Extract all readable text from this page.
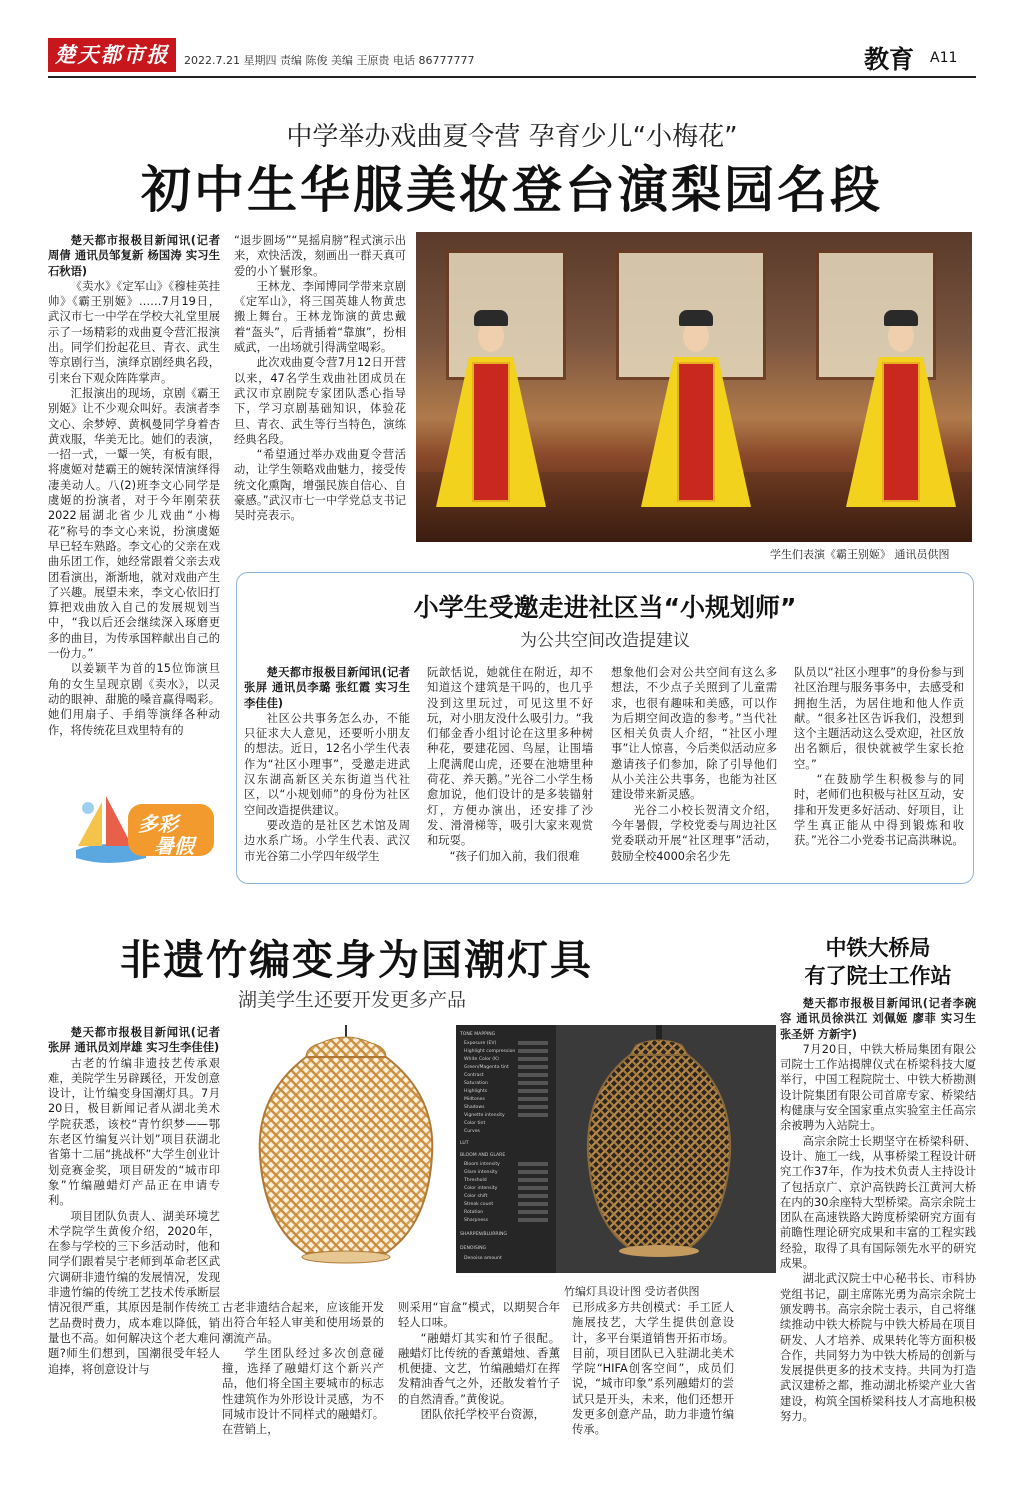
楚天都市报	2022.7.21 星期四 责编 陈俊 美编 王原贵 电话 86777777	教育 A11
中学举办戏曲夏令营 孕育少儿“小梅花”
初中生华服美妆登台演梨园名段

楚天都市报极目新闻讯(记者周倩 通讯员邹复新 杨国涛 实习生石秋语)

《卖水》《定军山》《穆桂英挂帅》《霸王别姬》……7月19日，武汉市七一中学在学校大礼堂里展示了一场精彩的戏曲夏令营汇报演出。同学们扮起花旦、青衣、武生等京剧行当，演绎京剧经典名段，引来台下观众阵阵掌声。

汇报演出的现场，京剧《霸王别姬》让不少观众叫好。表演者李文心、余梦婷、黄枫曼同学身着杏黄戏服，华美无比。她们的表演，一招一式，一颦一笑，有板有眼，将虞姬对楚霸王的婉转深情演绎得凄美动人。八(2)班李文心同学是虞姬的扮演者，对于今年刚荣获2022届湖北省少儿戏曲“小梅花”称号的李文心来说，扮演虞姬早已轻车熟路。李文心的父亲在戏曲乐团工作，她经常跟着父亲去戏团看演出，渐渐地，就对戏曲产生了兴趣。展望未来，李文心依旧打算把戏曲放入自己的发展规划当中，“我以后还会继续深入琢磨更多的曲目，为传承国粹献出自己的一份力。”

以姜颖芊为首的15位饰演旦角的女生呈现京剧《卖水》，以灵动的眼神、甜脆的嗓音赢得喝彩。她们用扇子、手绢等演绎各种动作，将传统花旦戏里特有的

“退步圆场”“晃摇肩膀”程式演示出来，欢快活泼，刻画出一群天真可爱的小丫鬟形象。

王林龙、李闻博同学带来京剧《定军山》，将三国英雄人物黄忠搬上舞台。王林龙饰演的黄忠戴着“盔头”，后背插着“靠旗”，扮相威武，一出场就引得满堂喝彩。

此次戏曲夏令营7月12日开营以来，47名学生戏曲社团成员在武汉市京剧院专家团队悉心指导下，学习京剧基础知识，体验花旦、青衣、武生等行当特色，演练经典名段。

“希望通过举办戏曲夏令营活动，让学生领略戏曲魅力，接受传统文化熏陶，增强民族自信心、自豪感。”武汉市七一中学党总支书记吴时亮表示。

学生们表演《霸王别姬》 通讯员供图
小学生受邀走进社区当“小规划师”
为公共空间改造提建议

楚天都市报极目新闻讯(记者张屏 通讯员李璐 张红霞 实习生李佳佳)

社区公共事务怎么办，不能只征求大人意见，还要听小朋友的想法。近日，12名小学生代表作为“社区小理事”，受邀走进武汉东湖高新区关东街道当代社区，以“小规划师”的身份为社区空间改造提供建议。

要改造的是社区艺术馆及周边水系广场。小学生代表、武汉市光谷第二小学四年级学生

阮歆恬说，她就住在附近，却不知道这个建筑是干吗的，也几乎没到这里玩过，可见这里不好玩，对小朋友没什么吸引力。“我们郁金香小组讨论在这里多种树种花，要建花园、鸟屋，让围墙上爬满爬山虎，还要在池塘里种荷花、养天鹅。”光谷二小学生杨愈加说，他们设计的是多装锚射灯，方便办演出，还安排了沙发、滑滑梯等，吸引大家来观赏和玩耍。

“孩子们加入前，我们很难

想象他们会对公共空间有这么多想法，不少点子关照到了儿童需求，也很有趣味和美感，可以作为后期空间改造的参考。”当代社区相关负责人介绍，“社区小理事”让人惊喜，今后类似活动应多邀请孩子们参加，除了引导他们从小关注公共事务，也能为社区建设带来新灵感。

光谷二小校长贺清文介绍，今年暑假，学校党委与周边社区党委联动开展“社区理事”活动，鼓励全校4000余名少先

队员以“社区小理事”的身份参与到社区治理与服务事务中，去感受和拥抱生活，为居住地和他人作贡献。“很多社区告诉我们，没想到这个主题活动这么受欢迎，社区放出名额后，很快就被学生家长抢空。”

“在鼓励学生积极参与的同时，老师们也积极与社区互动，安排和开发更多好活动、好项目，让学生真正能从中得到锻炼和收获。”光谷二小党委书记高洪琳说。

多彩
暑假
非遗竹编变身为国潮灯具
湖美学生还要开发更多产品

楚天都市报极目新闻讯(记者张屏 通讯员刘岸雄 实习生李佳佳)

古老的竹编非遗技艺传承艰难，美院学生另辟蹊径，开发创意设计，让竹编变身国潮灯具。7月20日，极目新闻记者从湖北美术学院获悉，该校“青竹织梦——鄂东老区竹编复兴计划”项目获湖北省第十二届“挑战杯”大学生创业计划竞赛金奖，项目研发的“城市印象”竹编融蜡灯产品正在申请专利。

项目团队负责人、湖美环境艺术学院学生黄俊介绍，2020年，在参与学校的三下乡活动时，他和同学们跟着吴宁老师到革命老区武穴调研非遗竹编的发展情况，发现非遗竹编的传统工艺技术传承断层情况很严重，其原因是制作传统工艺品费时费力，成本难以降低，销量也不高。如何解决这个老大难问题?师生们想到，国潮很受年轻人追捧，将创意设计与

TONE MAPPING
Exposure (EV)
Highlight compression
White Color (K)
Green/Magenta tint
Contrast
Saturation
Highlights
Midtones
Shadows
Vignette intensity
Color tint
Curves
LUT
BLOOM AND GLARE
Bloom intensity
Glare intensity
Threshold
Color intensity
Color shift
Streak count
Rotation
Sharpness
SHARPEN/BLURRING
DENOISING
Denoise amount
竹编灯具设计图 受访者供图

古老非遗结合起来，应该能开发出符合年轻人审美和使用场景的潮流产品。

学生团队经过多次创意碰撞，选择了融蜡灯这个新兴产品，他们将全国主要城市的标志性建筑作为外形设计灵感，为不同城市设计不同样式的融蜡灯。在营销上，

则采用“盲盒”模式，以期契合年轻人口味。

“融蜡灯其实和竹子很配。融蜡灯比传统的香薰蜡烛、香薰机便捷、文艺，竹编融蜡灯在挥发精油香气之外，还散发着竹子的自然清香。”黄俊说。

团队依托学校平台资源，

已形成多方共创模式：手工匠人施展技艺，大学生提供创意设计，多平台渠道销售开拓市场。目前，项目团队已入驻湖北美术学院“HIFA创客空间”，成员们说，“城市印象”系列融蜡灯的尝试只是开头，未来，他们还想开发更多创意产品，助力非遗竹编传承。

中铁大桥局
有了院士工作站

楚天都市报极目新闻讯(记者李碗容 通讯员徐洪江 刘佩姬 廖菲 实习生张圣妍 方新宇)

7月20日，中铁大桥局集团有限公司院士工作站揭牌仪式在桥梁科技大厦举行，中国工程院院士、中铁大桥勘测设计院集团有限公司首席专家、桥梁结构健康与安全国家重点实验室主任高宗余被聘为入站院士。

高宗余院士长期坚守在桥梁科研、设计、施工一线，从事桥梁工程设计研究工作37年，作为技术负责人主持设计了包括京广、京沪高铁跨长江黄河大桥在内的30余座特大型桥梁。高宗余院士团队在高速铁路大跨度桥梁研究方面有前瞻性理论研究成果和丰富的工程实践经验，取得了具有国际领先水平的研究成果。

湖北武汉院士中心秘书长、市科协党组书记，副主席陈光勇为高宗余院士颁发聘书。高宗余院士表示，自己将继续推动中铁大桥院与中铁大桥局在项目研发、人才培养、成果转化等方面积极合作，共同努力为中铁大桥局的创新与发展提供更多的技术支持。共同为打造武汉建桥之都，推动湖北桥梁产业大省建设，构筑全国桥梁科技人才高地积极努力。
